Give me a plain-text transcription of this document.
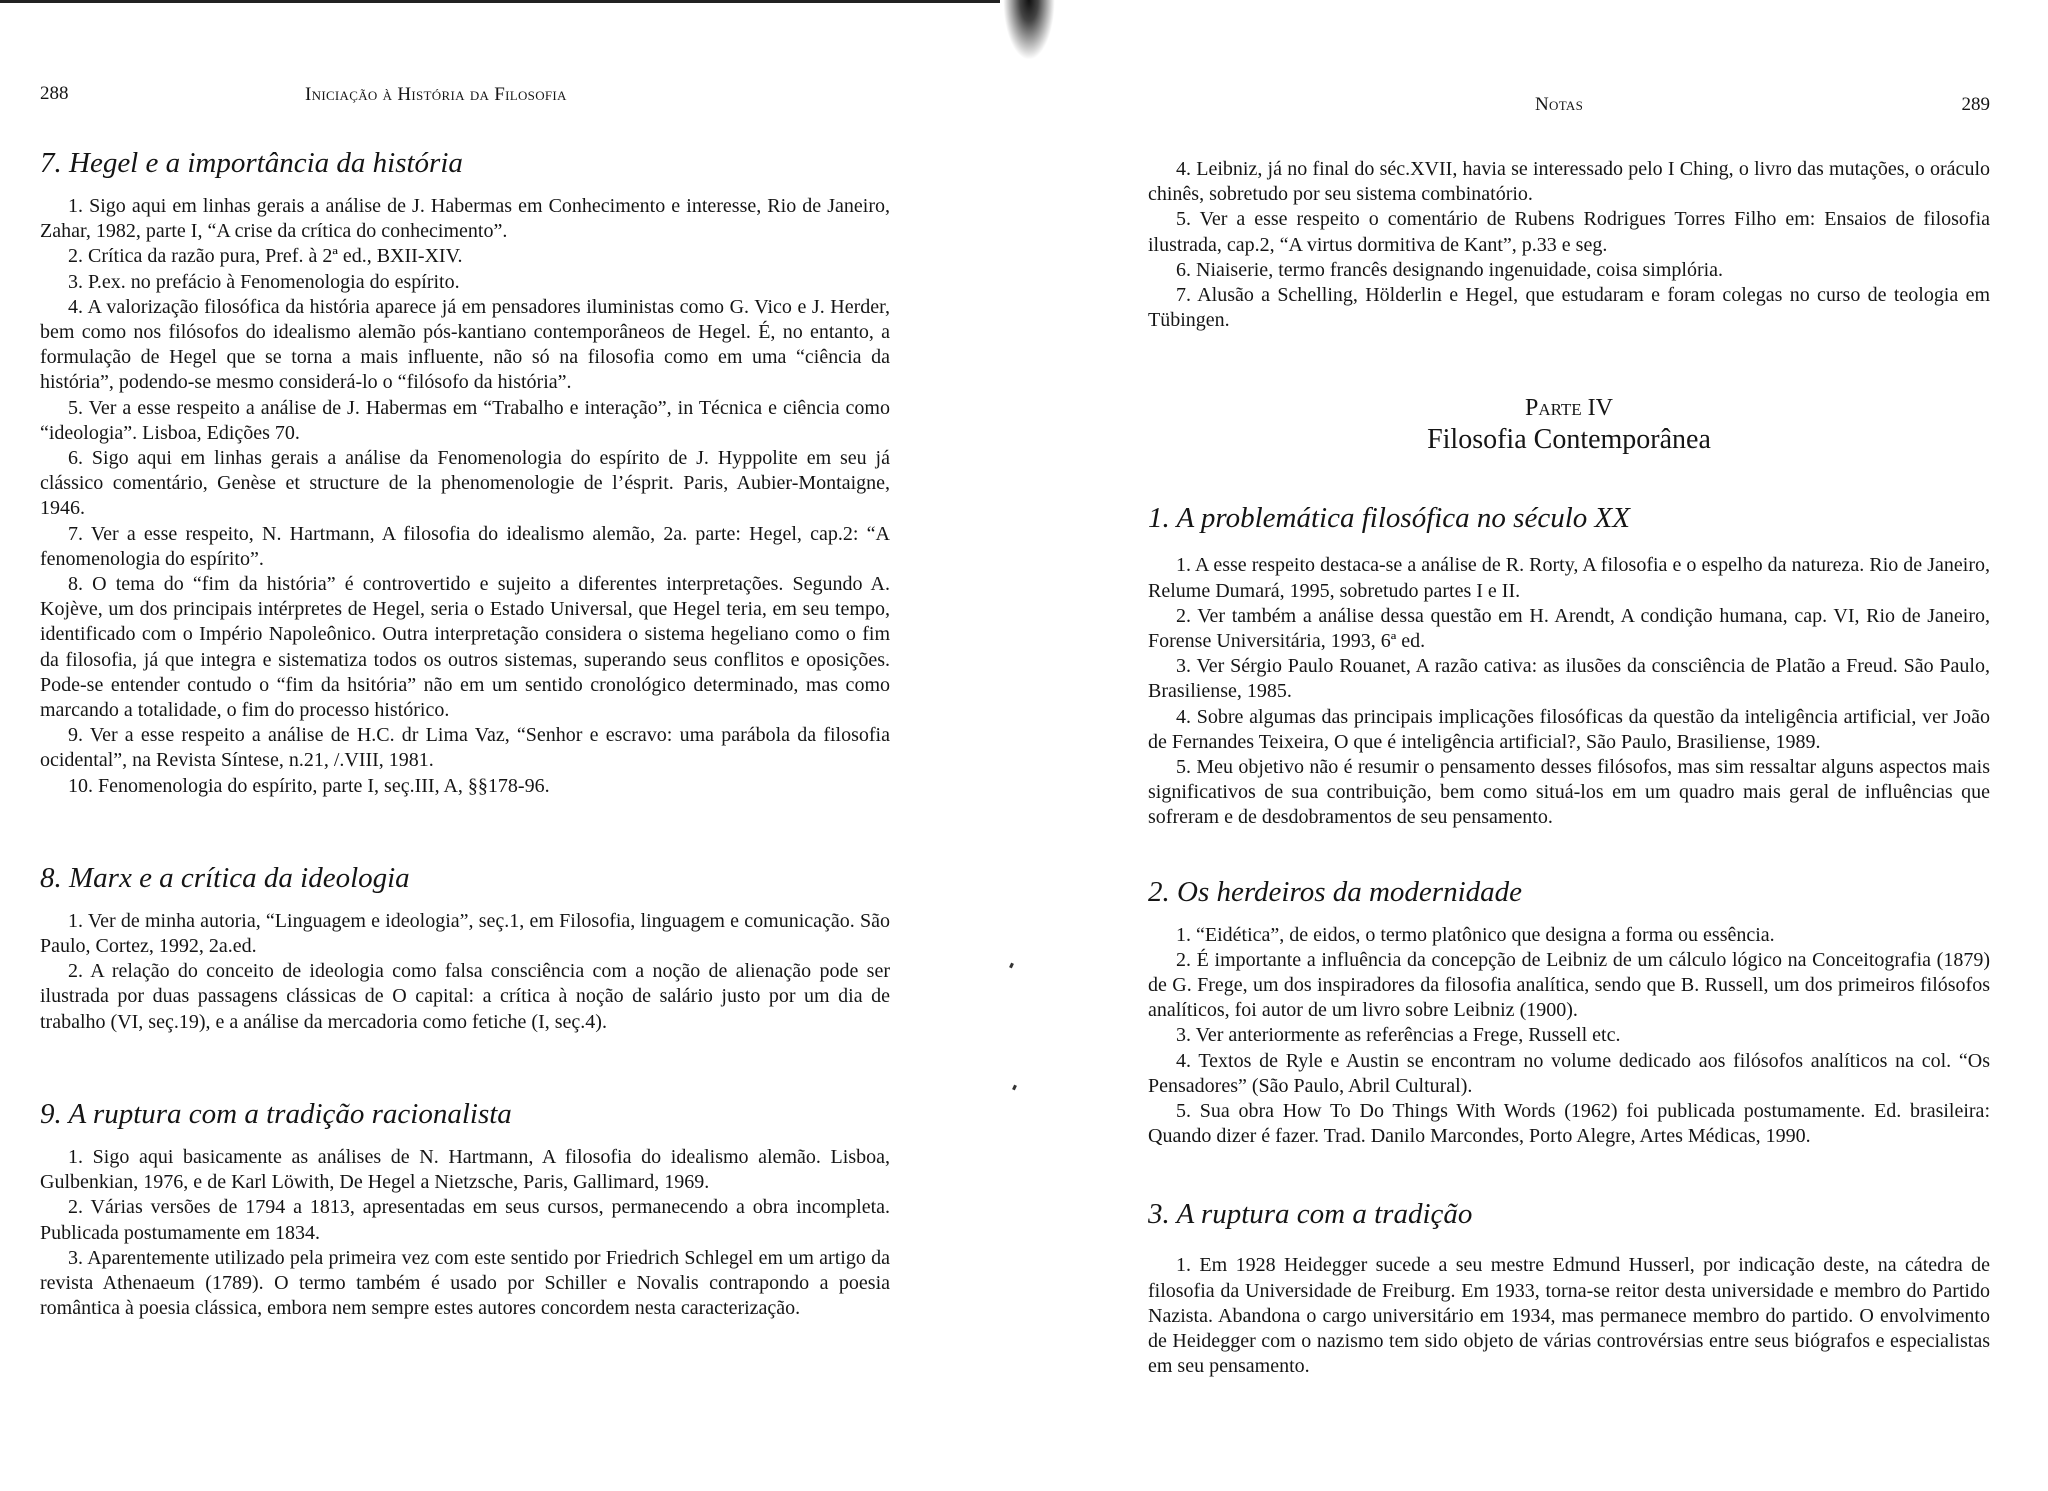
288	Iniciação à História da Filosofia
7. Hegel e a importância da história

1. Sigo aqui em linhas gerais a análise de J. Habermas em Conhecimento e interesse, Rio de Janeiro, Zahar, 1982, parte I, “A crise da crítica do conhecimento”.

2. Crítica da razão pura, Pref. à 2ª ed., BXII-XIV.

3. P.ex. no prefácio à Fenomenologia do espírito.

4. A valorização filosófica da história aparece já em pensadores iluministas como G. Vico e J. Herder, bem como nos filósofos do idealismo alemão pós-kantiano contemporâneos de Hegel. É, no entanto, a formulação de Hegel que se torna a mais influente, não só na filosofia como em uma “ciência da história”, podendo-se mesmo considerá-lo o “filósofo da história”.

5. Ver a esse respeito a análise de J. Habermas em “Trabalho e interação”, in Técnica e ciência como “ideologia”. Lisboa, Edições 70.

6. Sigo aqui em linhas gerais a análise da Fenomenologia do espírito de J. Hyppolite em seu já clássico comentário, Genèse et structure de la phenomenologie de l’ésprit. Paris, Aubier-Montaigne, 1946.

7. Ver a esse respeito, N. Hartmann, A filosofia do idealismo alemão, 2a. parte: Hegel, cap.2: “A fenomenologia do espírito”.

8. O tema do “fim da história” é controvertido e sujeito a diferentes interpretações. Segundo A. Kojève, um dos principais intérpretes de Hegel, seria o Estado Universal, que Hegel teria, em seu tempo, identificado com o Império Napoleônico. Outra interpretação considera o sistema hegeliano como o fim da filosofia, já que integra e sistematiza todos os outros sistemas, superando seus conflitos e oposições. Pode-se entender contudo o “fim da hsitória” não em um sentido cronológico determinado, mas como marcando a totalidade, o fim do processo histórico.

9. Ver a esse respeito a análise de H.C. dr Lima Vaz, “Senhor e escravo: uma parábola da filosofia ocidental”, na Revista Síntese, n.21, /.VIII, 1981.

10. Fenomenologia do espírito, parte I, seç.III, A, §§178-96.

8. Marx e a crítica da ideologia

1. Ver de minha autoria, “Linguagem e ideologia”, seç.1, em Filosofia, linguagem e comunicação. São Paulo, Cortez, 1992, 2a.ed.

2. A relação do conceito de ideologia como falsa consciência com a noção de alienação pode ser ilustrada por duas passagens clássicas de O capital: a crítica à noção de salário justo por um dia de trabalho (VI, seç.19), e a análise da mercadoria como fetiche (I, seç.4).

9. A ruptura com a tradição racionalista

1. Sigo aqui basicamente as análises de N. Hartmann, A filosofia do idealismo alemão. Lisboa, Gulbenkian, 1976, e de Karl Löwith, De Hegel a Nietzsche, Paris, Gallimard, 1969.

2. Várias versões de 1794 a 1813, apresentadas em seus cursos, permanecendo a obra incompleta. Publicada postumamente em 1834.

3. Aparentemente utilizado pela primeira vez com este sentido por Friedrich Schlegel em um artigo da revista Athenaeum (1789). O termo também é usado por Schiller e Novalis contrapondo a poesia romântica à poesia clássica, embora nem sempre estes autores concordem nesta caracterização.

Notas	289

4. Leibniz, já no final do séc.XVII, havia se interessado pelo I Ching, o livro das mutações, o oráculo chinês, sobretudo por seu sistema combinatório.

5. Ver a esse respeito o comentário de Rubens Rodrigues Torres Filho em: Ensaios de filosofia ilustrada, cap.2, “A virtus dormitiva de Kant”, p.33 e seg.

6. Niaiserie, termo francês designando ingenuidade, coisa simplória.

7. Alusão a Schelling, Hölderlin e Hegel, que estudaram e foram colegas no curso de teologia em Tübingen.

Parte IV

Filosofia Contemporânea

1. A problemática filosófica no século XX

1. A esse respeito destaca-se a análise de R. Rorty, A filosofia e o espelho da natureza. Rio de Janeiro, Relume Dumará, 1995, sobretudo partes I e II.

2. Ver também a análise dessa questão em H. Arendt, A condição humana, cap. VI, Rio de Janeiro, Forense Universitária, 1993, 6ª ed.

3. Ver Sérgio Paulo Rouanet, A razão cativa: as ilusões da consciência de Platão a Freud. São Paulo, Brasiliense, 1985.

4. Sobre algumas das principais implicações filosóficas da questão da inteligência artificial, ver João de Fernandes Teixeira, O que é inteligência artificial?, São Paulo, Brasiliense, 1989.

5. Meu objetivo não é resumir o pensamento desses filósofos, mas sim ressaltar alguns aspectos mais significativos de sua contribuição, bem como situá-los em um quadro mais geral de influências que sofreram e de desdobramentos de seu pensamento.

2. Os herdeiros da modernidade

1. “Eidética”, de eidos, o termo platônico que designa a forma ou essência.

2. É importante a influência da concepção de Leibniz de um cálculo lógico na Conceitografia (1879) de G. Frege, um dos inspiradores da filosofia analítica, sendo que B. Russell, um dos primeiros filósofos analíticos, foi autor de um livro sobre Leibniz (1900).

3. Ver anteriormente as referências a Frege, Russell etc.

4. Textos de Ryle e Austin se encontram no volume dedicado aos filósofos analíticos na col. “Os Pensadores” (São Paulo, Abril Cultural).

5. Sua obra How To Do Things With Words (1962) foi publicada postumamente. Ed. brasileira: Quando dizer é fazer. Trad. Danilo Marcondes, Porto Alegre, Artes Médicas, 1990.

3. A ruptura com a tradição

1. Em 1928 Heidegger sucede a seu mestre Edmund Husserl, por indicação deste, na cátedra de filosofia da Universidade de Freiburg. Em 1933, torna-se reitor desta universidade e membro do Partido Nazista. Abandona o cargo universitário em 1934, mas permanece membro do partido. O envolvimento de Heidegger com o nazismo tem sido objeto de várias controvérsias entre seus biógrafos e especialistas em seu pensamento.
